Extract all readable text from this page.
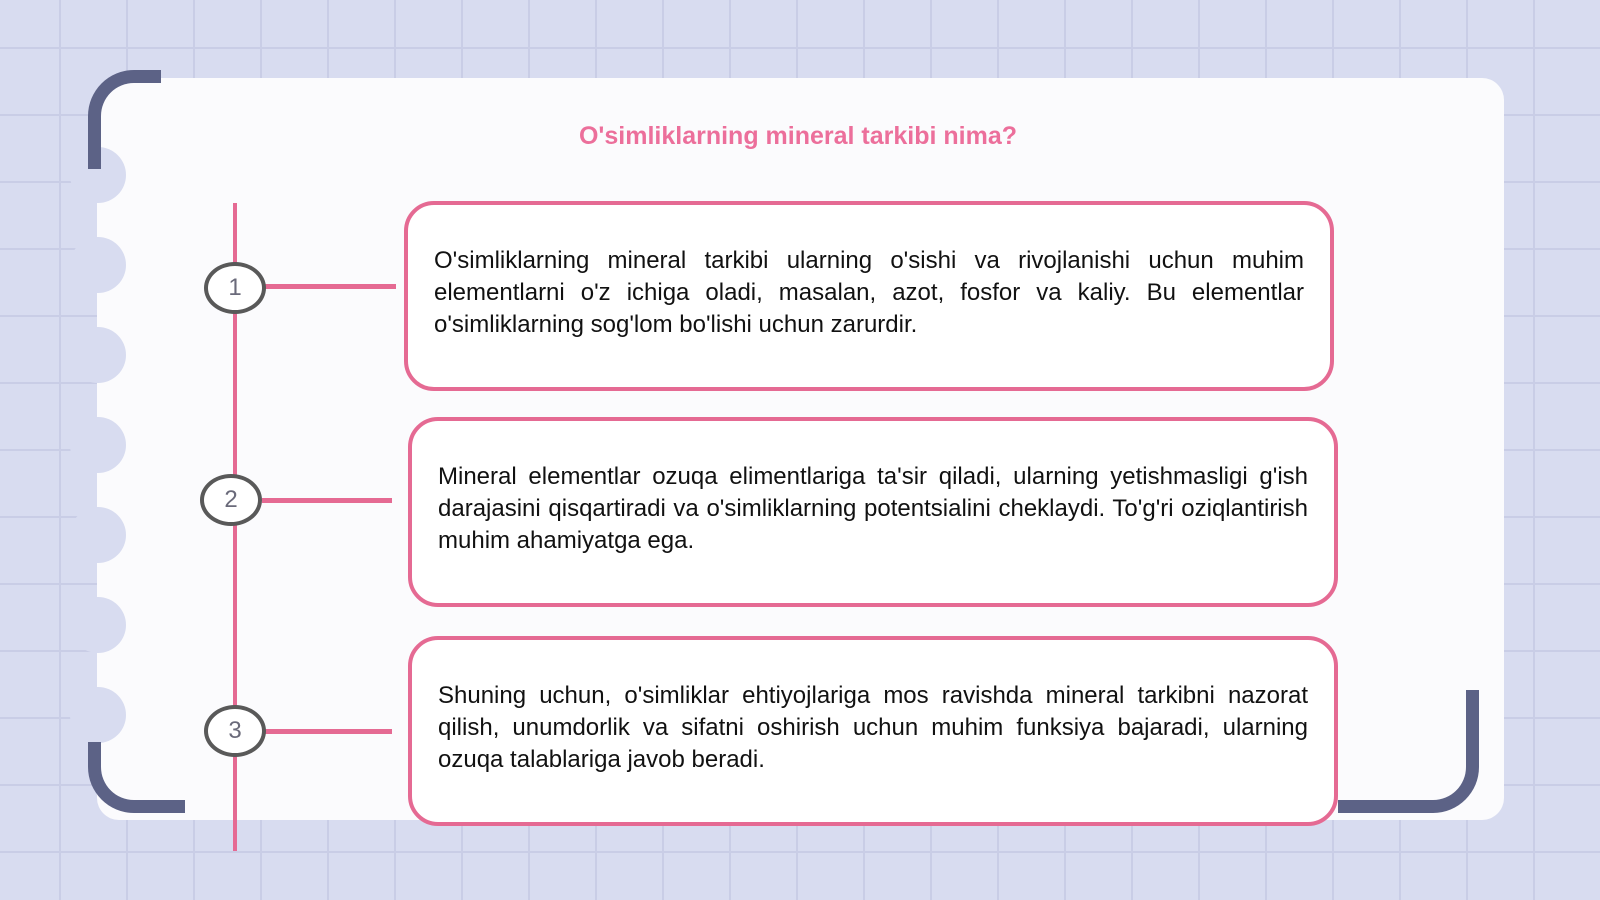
O'simliklarning mineral tarkibi nima?
1

O'simliklarning mineral tarkibi ularning o'sishi va rivojlanishi uchun muhim elementlarni o'z ichiga oladi, masalan, azot, fosfor va kaliy. Bu elementlar o'simliklarning sog'lom bo'lishi uchun zarurdir.

2

Mineral elementlar ozuqa elimentlariga ta'sir qiladi, ularning yetishmasligi g'ish darajasini qisqartiradi va o'simliklarning potentsialini cheklaydi. To'g'ri oziqlantirish muhim ahamiyatga ega.

3

Shuning uchun, o'simliklar ehtiyojlariga mos ravishda mineral tarkibni nazorat qilish, unumdorlik va sifatni oshirish uchun muhim funksiya bajaradi, ularning ozuqa talablariga javob beradi.
